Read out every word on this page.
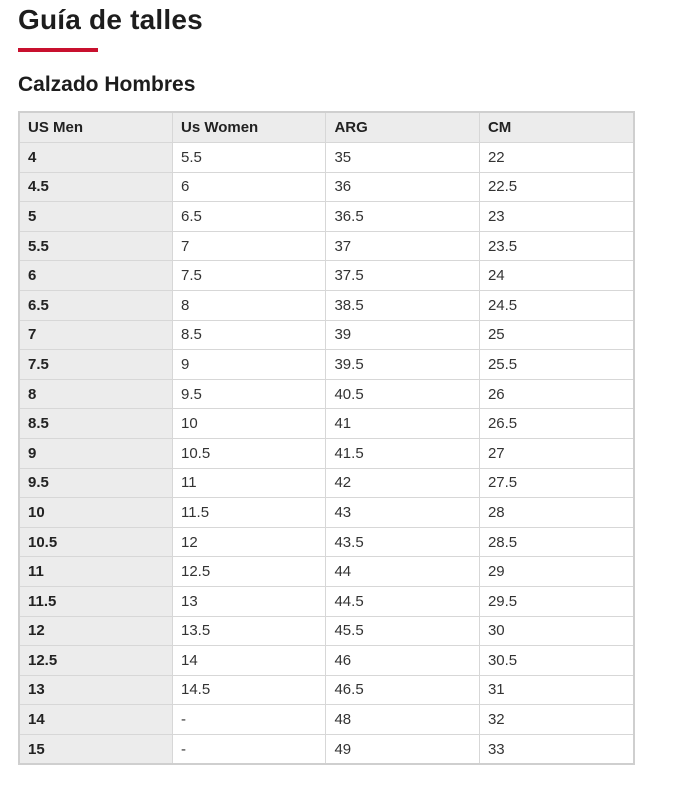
Guía de talles
Calzado Hombres
US Men	Us Women	ARG	CM
4	5.5	35	22
4.5	6	36	22.5
5	6.5	36.5	23
5.5	7	37	23.5
6	7.5	37.5	24
6.5	8	38.5	24.5
7	8.5	39	25
7.5	9	39.5	25.5
8	9.5	40.5	26
8.5	10	41	26.5
9	10.5	41.5	27
9.5	11	42	27.5
10	11.5	43	28
10.5	12	43.5	28.5
11	12.5	44	29
11.5	13	44.5	29.5
12	13.5	45.5	30
12.5	14	46	30.5
13	14.5	46.5	31
14	-	48	32
15	-	49	33
